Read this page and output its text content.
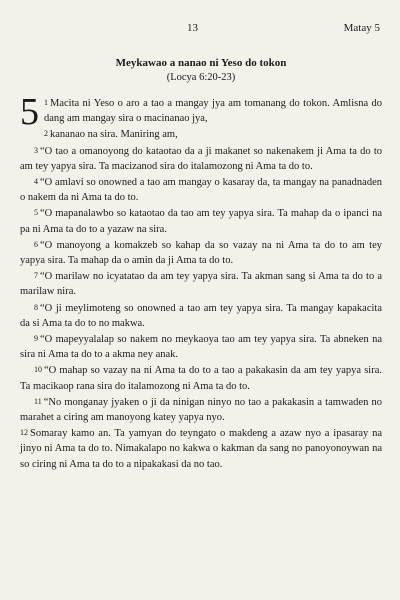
13	Matay 5

Meykawao a nanao ni Yeso do tokon

(Locya 6:20-23)

5 1 Macita ni Yeso o aro a tao a mangay jya am tomanang do tokon. Amlisna do dang am mangay sira o macinanao jya,

2 kananao na sira. Maniring am,

3 “O tao a omanoyong do kataotao da a ji makanet so nakenakem ji Ama ta do to am tey yapya sira. Ta macizanod sira do italamozong ni Ama ta do to.

4 “O amlavi so onowned a tao am mangay o kasaray da, ta mangay na panadnaden o nakem da ni Ama ta do to.

5 “O mapanalawbo so kataotao da tao am tey yapya sira. Ta mahap da o ipanci na pa ni Ama ta do to a yazaw na sira.

6 “O manoyong a komakzeb so kahap da so vazay na ni Ama ta do to am tey yapya sira. Ta mahap da o amin da ji Ama ta do to.

7 “O marilaw no icyatatao da am tey yapya sira. Ta akman sang si Ama ta do to a marilaw nira.

8 “O ji meylimoteng so onowned a tao am tey yapya sira. Ta mangay kapakacita da si Ama ta do to no makwa.

9 “O mapeyyalalap so nakem no meykaoya tao am tey yapya sira. Ta abneken na sira ni Ama ta do to a akma ney anak.

10 “O mahap so vazay na ni Ama ta do to a tao a pakakasin da am tey yapya sira. Ta macikaop rana sira do italamozong ni Ama ta do to.

11 “No monganay jyaken o ji da ninigan ninyo no tao a pakakasin a tamwaden no marahet a ciring am manoyong katey yapya nyo.

12 Somaray kamo an. Ta yamyan do teyngato o makdeng a azaw nyo a ipasaray na jinyo ni Ama ta do to. Nimakalapo no kakwa o kakman da sang no panoyonoywan na so ciring ni Ama ta do to a nipakakasi da no tao.
